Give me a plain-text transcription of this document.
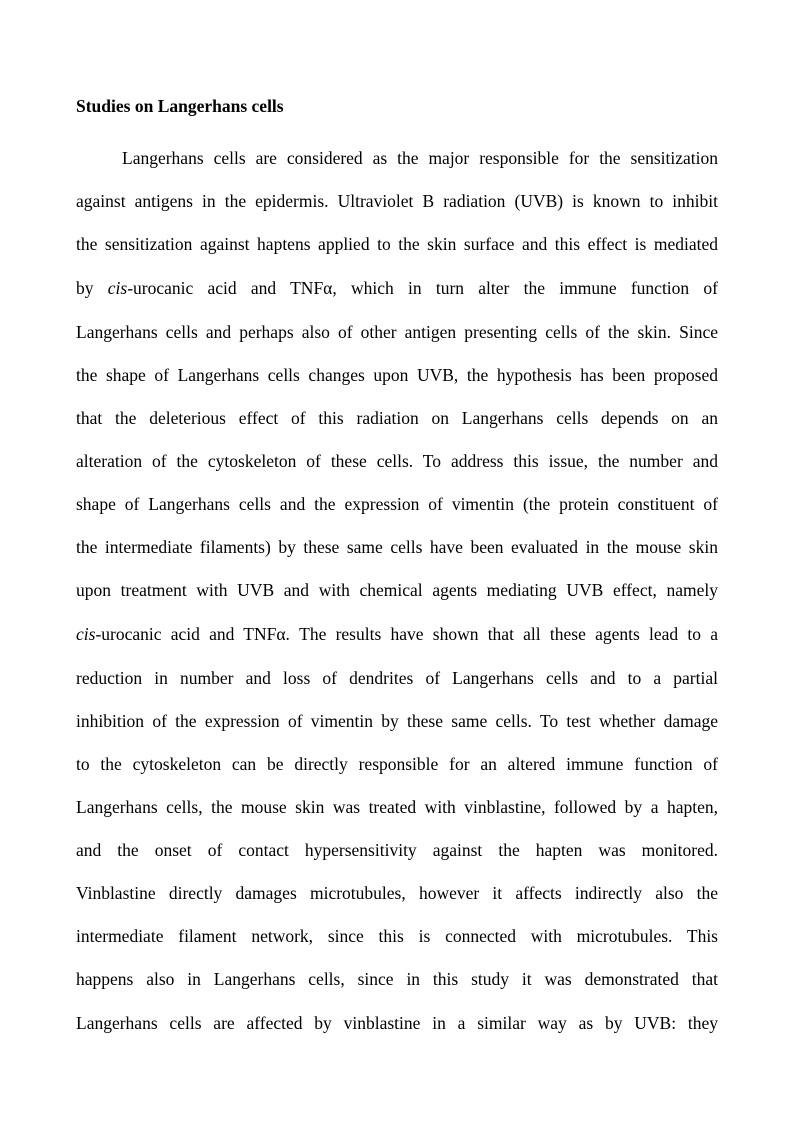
Studies on Langerhans cells

Langerhans cells are considered as the major responsible for the sensitization

against antigens in the epidermis. Ultraviolet B radiation (UVB) is known to inhibit

the sensitization against haptens applied to the skin surface and this effect is mediated

by cis-urocanic acid and TNFα, which in turn alter the immune function of

Langerhans cells and perhaps also of other antigen presenting cells of the skin. Since

the shape of Langerhans cells changes upon UVB, the hypothesis has been proposed

that the deleterious effect of this radiation on Langerhans cells depends on an

alteration of the cytoskeleton of these cells. To address this issue, the number and

shape of Langerhans cells and the expression of vimentin (the protein constituent of

the intermediate filaments) by these same cells have been evaluated in the mouse skin

upon treatment with UVB and with chemical agents mediating UVB effect, namely

cis-urocanic acid and TNFα. The results have shown that all these agents lead to a

reduction in number and loss of dendrites of Langerhans cells and to a partial

inhibition of the expression of vimentin by these same cells. To test whether damage

to the cytoskeleton can be directly responsible for an altered immune function of

Langerhans cells, the mouse skin was treated with vinblastine, followed by a hapten,

and the onset of contact hypersensitivity against the hapten was monitored.

Vinblastine directly damages microtubules, however it affects indirectly also the

intermediate filament network, since this is connected with microtubules. This

happens also in Langerhans cells, since in this study it was demonstrated that

Langerhans cells are affected by vinblastine in a similar way as by UVB: they
